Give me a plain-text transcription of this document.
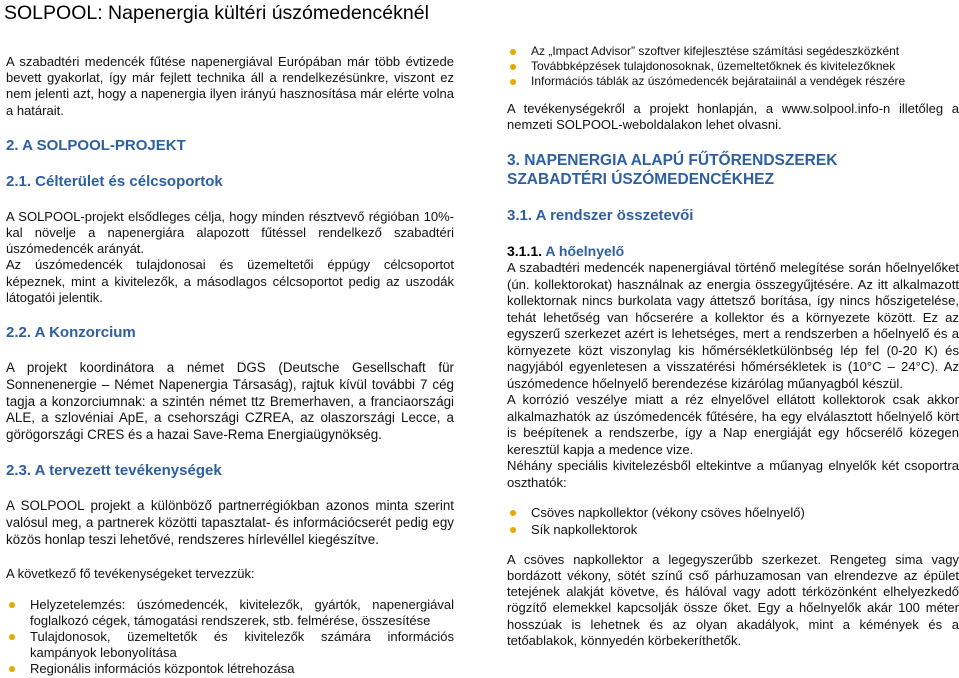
SOLPOOL: Napenergia kültéri úszómedencéknél

A szabadtéri medencék fűtése napenergiával Európában már több évtizede bevett gyakorlat, így már fejlett technika áll a rendelkezésünkre, viszont ez nem jelenti azt, hogy a napenergia ilyen irányú hasznosítása már elérte volna a határait.

2. A SOLPOOL-PROJEKT
2.1. Célterület és célcsoportok

A SOLPOOL-projekt elsődleges célja, hogy minden résztvevő régióban 10%-kal növelje a napenergiára alapozott fűtéssel rendelkező szabadtéri úszómedencék arányát.

Az úszómedencék tulajdonosai és üzemeltetői éppúgy célcsoportot képeznek, mint a kivitelezők, a másodlagos célcsoportot pedig az uszodák látogatói jelentik.

2.2. A Konzorcium

A projekt koordinátora a német DGS (Deutsche Gesellschaft für Sonnenenergie – Német Napenergia Társaság), rajtuk kívül további 7 cég tagja a konzorciumnak: a szintén német ttz Bremerhaven, a franciaországi ALE, a szlovéniai ApE, a csehországi CZREA, az olaszországi Lecce, a görögországi CRES és a hazai Save-Rema Energiaügynökség.

2.3. A tervezett tevékenységek

A SOLPOOL projekt a különböző partnerrégiókban azonos minta szerint valósul meg, a partnerek közötti tapasztalat- és információcserét pedig egy közös honlap teszi lehetővé, rendszeres hírlevéllel kiegészítve.

A következő fő tevékenységeket tervezzük:

Helyzetelemzés: úszómedencék, kivitelezők, gyártók, napenergiával foglalkozó cégek, támogatási rendszerek, stb. felmérése, összesítése
Tulajdonosok, üzemeltetők és kivitelezők számára információs kampányok lebonyolítása
Regionális információs központok létrehozása
Az „Impact Advisor” szoftver kifejlesztése számítási segédeszközként
Továbbképzések tulajdonosoknak, üzemeltetőknek és kivitelezőknek
Információs táblák az úszómedencék bejárataiinál a vendégek részére

A tevékenységekről a projekt honlapján, a www.solpool.info-n illetőleg a nemzeti SOLPOOL-weboldalakon lehet olvasni.

3. NAPENERGIA ALAPÚ FŰTŐRENDSZEREK
SZABADTÉRI ÚSZÓMEDENCÉKHEZ
3.1. A rendszer összetevői
3.1.1. A hőelnyelő

A szabadtéri medencék napenergiával történő melegítése során hőelnyelőket (ún. kollektorokat) használnak az energia összegyűjtésére. Az itt alkalmazott kollektornak nincs burkolata vagy áttetsző borítása, így nincs hőszigetelése, tehát lehetőség van hőcserére a kollektor és a környezete között. Ez az egyszerű szerkezet azért is lehetséges, mert a rendszerben a hőelnyelő és a környezete közt viszonylag kis hőmérsékletkülönbség lép fel (0-20 K) és nagyjából egyenletesen a visszatérési hőmérsékletek is (10°C – 24°C). Az úszómedence hőelnyelő berendezése kizárólag műanyagból készül.

A korrózió veszélye miatt a réz elnyelővel ellátott kollektorok csak akkor alkalmazhatók az úszómedencék fűtésére, ha egy elválasztott hőelnyelő kört is beépítenek a rendszerbe, így a Nap energiáját egy hőcserélő közegen keresztül kapja a medence vize.

Néhány speciális kivitelezésből eltekintve a műanyag elnyelők két csoportra oszthatók:

Csöves napkollektor (vékony csöves hőelnyelő)
Sík napkollektorok

A csöves napkollektor a legegyszerűbb szerkezet. Rengeteg sima vagy bordázott vékony, sötét színű cső párhuzamosan van elrendezve az épület tetejének alakját követve, és hálóval vagy adott térközönként elhelyezkedő rögzítő elemekkel kapcsolják össze őket. Egy a hőelnyelők akár 100 méter hosszúak is lehetnek és az olyan akadályok, mint a kémények és a tetőablakok, könnyedén körbekeríthetők.
